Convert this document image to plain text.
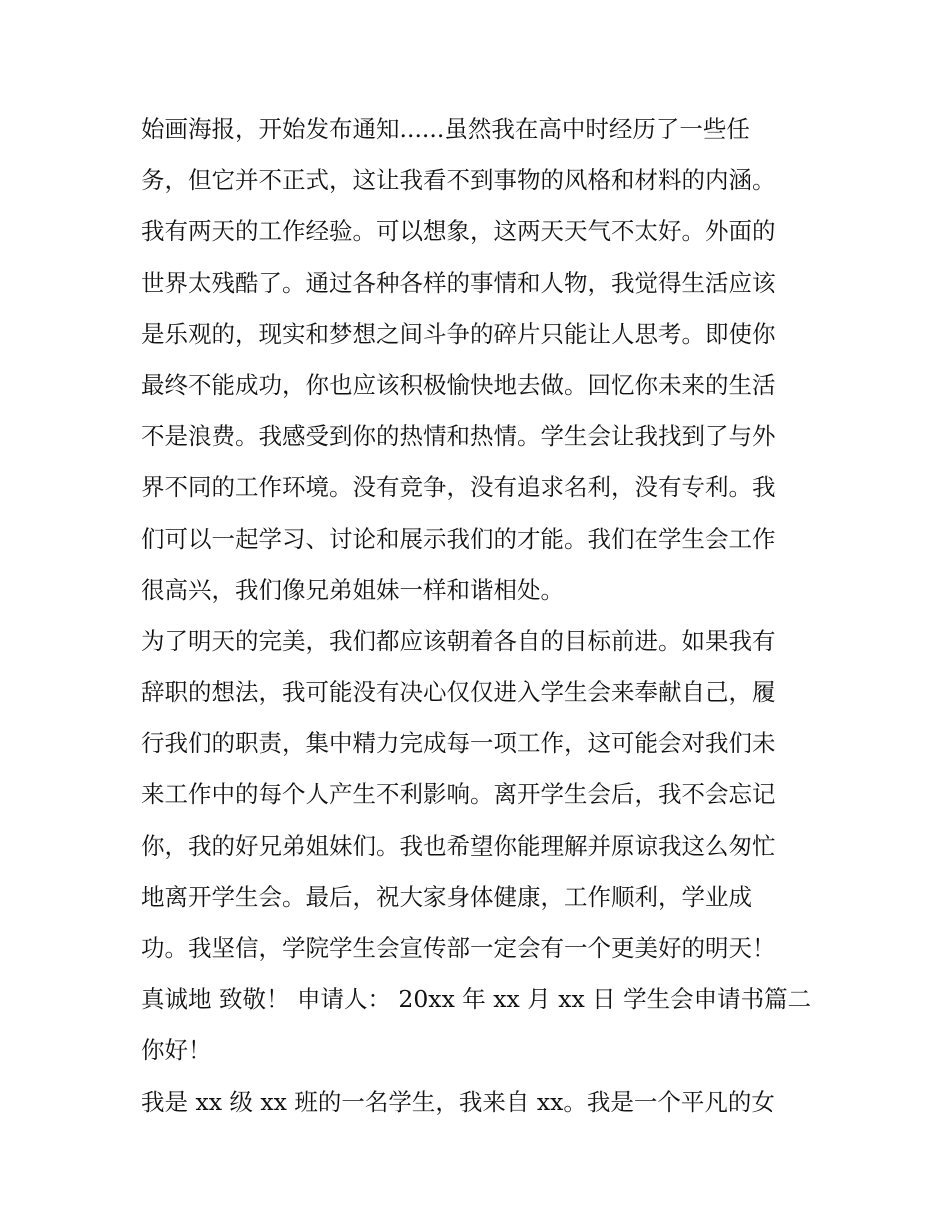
始画海报，开始发布通知......虽然我在高中时经历了一些任
务，但它并不正式，这让我看不到事物的风格和材料的内涵。
我有两天的工作经验。可以想象，这两天天气不太好。外面的
世界太残酷了。通过各种各样的事情和人物，我觉得生活应该
是乐观的，现实和梦想之间斗争的碎片只能让人思考。即使你
最终不能成功，你也应该积极愉快地去做。回忆你未来的生活
不是浪费。我感受到你的热情和热情。学生会让我找到了与外
界不同的工作环境。没有竞争，没有追求名利，没有专利。我
们可以一起学习、讨论和展示我们的才能。我们在学生会工作
很高兴，我们像兄弟姐妹一样和谐相处。
为了明天的完美，我们都应该朝着各自的目标前进。如果我有
辞职的想法，我可能没有决心仅仅进入学生会来奉献自己，履
行我们的职责，集中精力完成每一项工作，这可能会对我们未
来工作中的每个人产生不利影响。离开学生会后，我不会忘记
你，我的好兄弟姐妹们。我也希望你能理解并原谅我这么匆忙
地离开学生会。最后，祝大家身体健康，工作顺利，学业成
功。我坚信，学院学生会宣传部一定会有一个更美好的明天！
真诚地 致敬！ 申请人： 20xx 年 xx 月 xx 日 学生会申请书篇二
你好！
我是 xx 级 xx 班的一名学生，我来自 xx。我是一个平凡的女
